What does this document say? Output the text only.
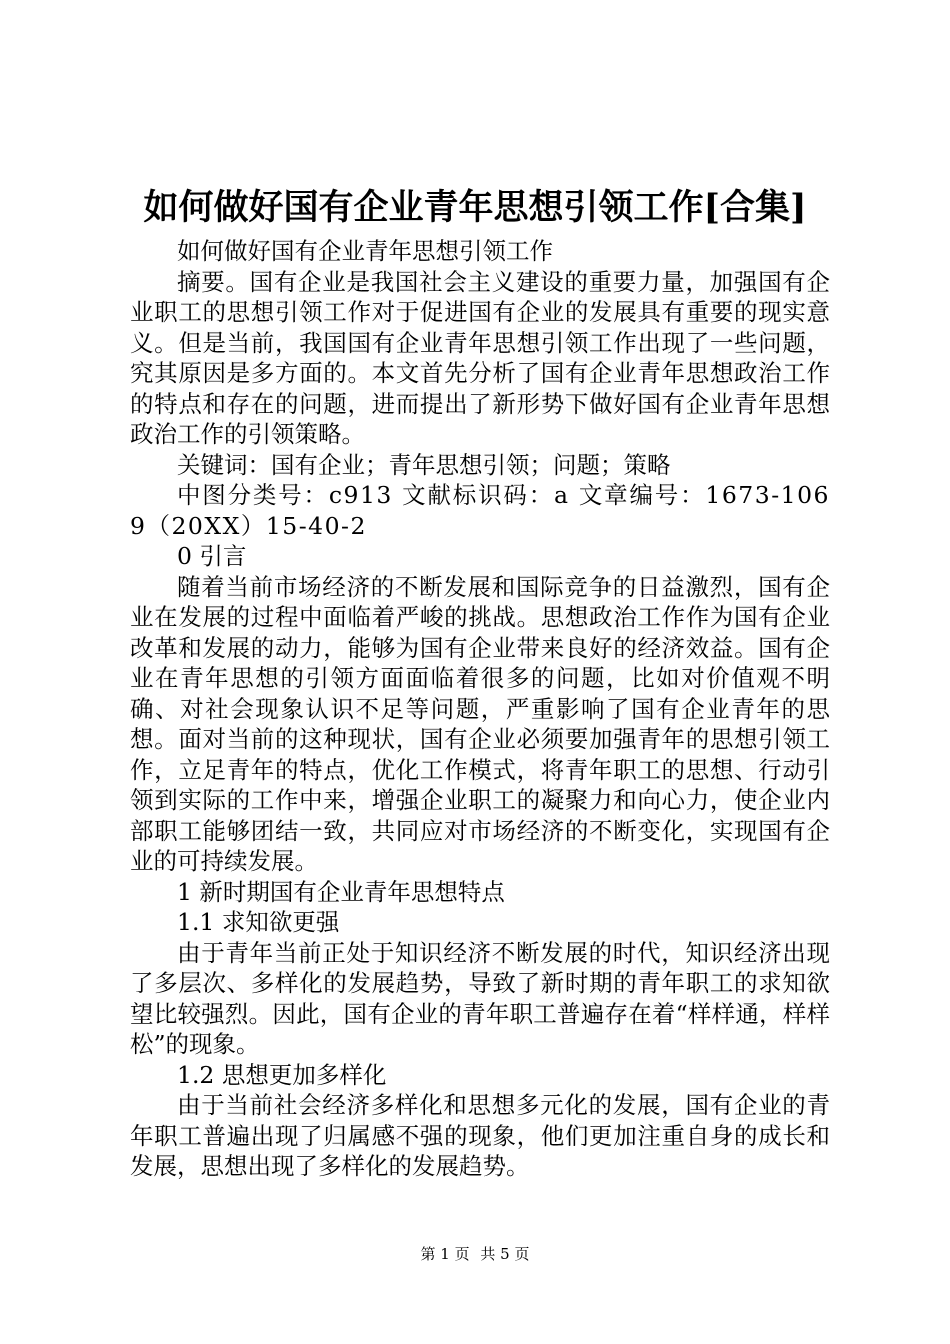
如何做好国有企业青年思想引领工作[合集]

如何做好国有企业青年思想引领工作

摘要。国有企业是我国社会主义建设的重要力量，加强国有企业职工的思想引领工作对于促进国有企业的发展具有重要的现实意义。但是当前，我国国有企业青年思想引领工作出现了一些问题，究其原因是多方面的。本文首先分析了国有企业青年思想政治工作的特点和存在的问题，进而提出了新形势下做好国有企业青年思想政治工作的引领策略。

关键词：国有企业；青年思想引领；问题；策略

中图分类号：c913 文献标识码：a 文章编号：1673-1069（20XX）15-40-2

0 引言

随着当前市场经济的不断发展和国际竞争的日益激烈，国有企业在发展的过程中面临着严峻的挑战。思想政治工作作为国有企业改革和发展的动力，能够为国有企业带来良好的经济效益。国有企业在青年思想的引领方面面临着很多的问题，比如对价值观不明确、对社会现象认识不足等问题，严重影响了国有企业青年的思想。面对当前的这种现状，国有企业必须要加强青年的思想引领工作，立足青年的特点，优化工作模式，将青年职工的思想、行动引领到实际的工作中来，增强企业职工的凝聚力和向心力，使企业内部职工能够团结一致，共同应对市场经济的不断变化，实现国有企业的可持续发展。

1 新时期国有企业青年思想特点

1.1 求知欲更强

由于青年当前正处于知识经济不断发展的时代，知识经济出现了多层次、多样化的发展趋势，导致了新时期的青年职工的求知欲望比较强烈。因此，国有企业的青年职工普遍存在着“样样通，样样松”的现象。

1.2 思想更加多样化

由于当前社会经济多样化和思想多元化的发展，国有企业的青年职工普遍出现了归属感不强的现象，他们更加注重自身的成长和发展，思想出现了多样化的发展趋势。

第 1 页 共 5 页
